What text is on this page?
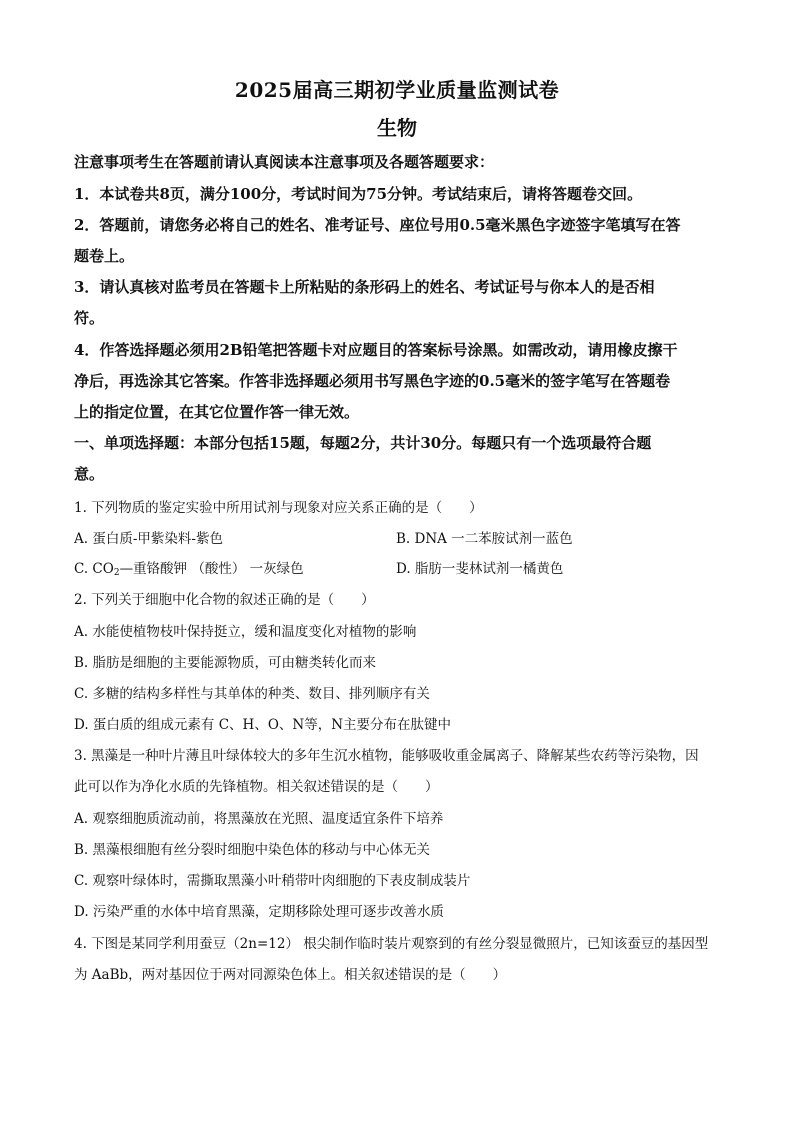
2025届高三期初学业质量监测试卷
生物
注意事项考生在答题前请认真阅读本注意事项及各题答题要求：
1．本试卷共8页，满分100分，考试时间为75分钟。考试结束后，请将答题卷交回。
2．答题前，请您务必将自己的姓名、准考证号、座位号用0.5毫米黑色字迹签字笔填写在答
题卷上。
3．请认真核对监考员在答题卡上所粘贴的条形码上的姓名、考试证号与你本人的是否相
符。
4．作答选择题必须用2B铅笔把答题卡对应题目的答案标号涂黑。如需改动，请用橡皮擦干
净后，再选涂其它答案。作答非选择题必须用书写黑色字迹的0.5毫米的签字笔写在答题卷
上的指定位置，在其它位置作答一律无效。
一、单项选择题：本部分包括15题，每题2分，共计30分。每题只有一个选项最符合题
意。
1. 下列物质的鉴定实验中所用试剂与现象对应关系正确的是（　　）
A. 蛋白质-甲紫染料-紫色	B. DNA 一二苯胺试剂一蓝色
C. $CO_2—$重铬酸钾 （酸性） 一灰绿色	D. 脂肪一斐林试剂一橘黄色
2. 下列关于细胞中化合物的叙述正确的是（　　）
A. 水能使植物枝叶保持挺立，缓和温度变化对植物的影响
B. 脂肪是细胞的主要能源物质，可由糖类转化而来
C. 多糖的结构多样性与其单体的种类、数目、排列顺序有关
D. 蛋白质的组成元素有 C、H、O、N等，N主要分布在肽键中
3. 黑藻是一种叶片薄且叶绿体较大的多年生沉水植物，能够吸收重金属离子、降解某些农药等污染物，因
此可以作为净化水质的先锋植物。相关叙述错误的是（　　）
A. 观察细胞质流动前，将黑藻放在光照、温度适宜条件下培养
B. 黑藻根细胞有丝分裂时细胞中染色体的移动与中心体无关
C. 观察叶绿体时，需撕取黑藻小叶稍带叶肉细胞的下表皮制成装片
D. 污染严重的水体中培育黑藻，定期移除处理可逐步改善水质
4. 下图是某同学利用蚕豆（2n=12） 根尖制作临时装片观察到的有丝分裂显微照片，已知该蚕豆的基因型
为 AaBb，两对基因位于两对同源染色体上。相关叙述错误的是（　　）
